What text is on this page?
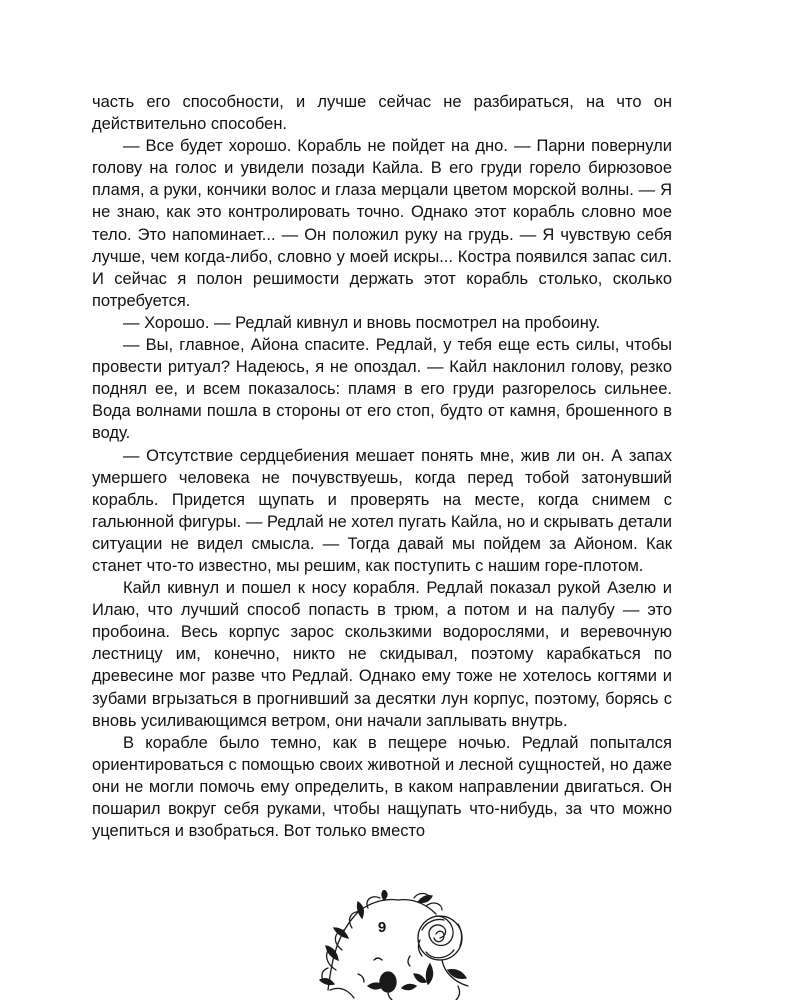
часть его способности, и лучше сейчас не разбираться, на что он действительно способен.

— Все будет хорошо. Корабль не пойдет на дно. — Парни повернули голову на голос и увидели позади Кайла. В его груди горело бирюзовое пламя, а руки, кончики волос и глаза мерцали цветом морской волны. — Я не знаю, как это контролировать точно. Однако этот корабль словно мое тело. Это напоминает... — Он положил руку на грудь. — Я чувствую себя лучше, чем когда-либо, словно у моей искры... Костра появился запас сил. И сейчас я полон решимости держать этот корабль столько, сколько потребуется.

— Хорошо. — Редлай кивнул и вновь посмотрел на пробоину.

— Вы, главное, Айона спасите. Редлай, у тебя еще есть силы, чтобы провести ритуал? Надеюсь, я не опоздал. — Кайл наклонил голову, резко поднял ее, и всем показалось: пламя в его груди разгорелось сильнее. Вода волнами пошла в стороны от его стоп, будто от камня, брошенного в воду.

— Отсутствие сердцебиения мешает понять мне, жив ли он. А запах умершего человека не почувствуешь, когда перед тобой затонувший корабль. Придется щупать и проверять на месте, когда снимем с гальюнной фигуры. — Редлай не хотел пугать Кайла, но и скрывать детали ситуации не видел смысла. — Тогда давай мы пойдем за Айоном. Как станет что-то известно, мы решим, как поступить с нашим горе-плотом.

Кайл кивнул и пошел к носу корабля. Редлай показал рукой Азелю и Илаю, что лучший способ попасть в трюм, а потом и на палубу — это пробоина. Весь корпус зарос скользкими водорослями, и веревочную лестницу им, конечно, никто не скидывал, поэтому карабкаться по древесине мог разве что Редлай. Однако ему тоже не хотелось когтями и зубами вгрызаться в прогнивший за десятки лун корпус, поэтому, борясь с вновь усиливающимся ветром, они начали заплывать внутрь.

В корабле было темно, как в пещере ночью. Редлай попытался ориентироваться с помощью своих животной и лесной сущностей, но даже они не могли помочь ему определить, в каком направлении двигаться. Он пошарил вокруг себя руками, чтобы нащупать что-нибудь, за что можно уцепиться и взобраться. Вот только вместо

9
